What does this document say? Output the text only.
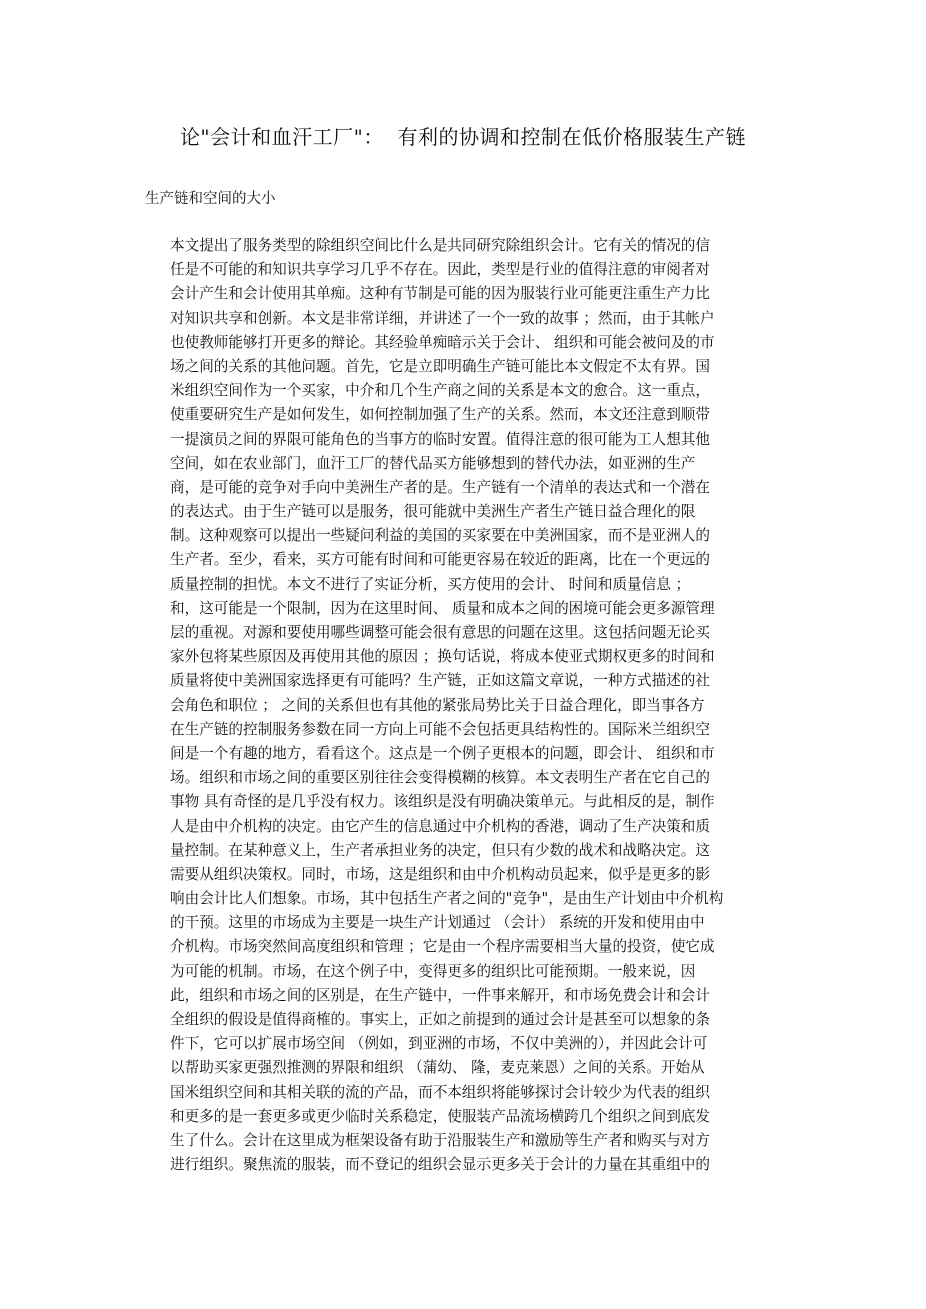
论"会计和血汗工厂"：  有利的协调和控制在低价格服装生产链
生产链和空间的大小
本文提出了服务类型的除组织空间比什么是共同研究除组织会计。它有关的情况的信
任是不可能的和知识共享学习几乎不存在。因此，类型是行业的值得注意的审阅者对
会计产生和会计使用其单痴。这种有节制是可能的因为服装行业可能更注重生产力比
对知识共享和创新。本文是非常详细，并讲述了一个一致的故事 ；然而，由于其帐户
也使教师能够打开更多的辩论。其经验单痴暗示关于会计、 组织和可能会被问及的市
场之间的关系的其他问题。首先，它是立即明确生产链可能比本文假定不太有界。国
米组织空间作为一个买家，中介和几个生产商之间的关系是本文的愈合。这一重点，
使重要研究生产是如何发生，如何控制加强了生产的关系。然而，本文还注意到顺带
一提演员之间的界限可能角色的当事方的临时安置。值得注意的很可能为工人想其他
空间，如在农业部门，血汗工厂的替代品买方能够想到的替代办法，如亚洲的生产
商，是可能的竞争对手向中美洲生产者的是。生产链有一个清单的表达式和一个潜在
的表达式。由于生产链可以是服务，很可能就中美洲生产者生产链日益合理化的限
制。这种观察可以提出一些疑问利益的美国的买家要在中美洲国家，而不是亚洲人的
生产者。至少，看来，买方可能有时间和可能更容易在较近的距离，比在一个更远的
质量控制的担忧。本文不进行了实证分析，买方使用的会计、 时间和质量信息 ；
和，这可能是一个限制，因为在这里时间、 质量和成本之间的困境可能会更多源管理
层的重视。对源和要使用哪些调整可能会很有意思的问题在这里。这包括问题无论买
家外包将某些原因及再使用其他的原因 ；换句话说，将成本使亚式期权更多的时间和
质量将使中美洲国家选择更有可能吗？生产链，正如这篇文章说，一种方式描述的社
会角色和职位 ； 之间的关系但也有其他的紧张局势比关于日益合理化，即当事各方
在生产链的控制服务参数在同一方向上可能不会包括更具结构性的。国际米兰组织空
间是一个有趣的地方，看看这个。这点是一个例子更根本的问题，即会计、 组织和市
场。组织和市场之间的重要区别往往会变得模糊的核算。本文表明生产者在它自己的
事物 具有奇怪的是几乎没有权力。该组织是没有明确决策单元。与此相反的是，制作
人是由中介机构的决定。由它产生的信息通过中介机构的香港，调动了生产决策和质
量控制。在某种意义上，生产者承担业务的决定，但只有少数的战术和战略决定。这
需要从组织决策权。同时，市场，这是组织和由中介机构动员起来，似乎是更多的影
响由会计比人们想象。市场，其中包括生产者之间的"竞争"，是由生产计划由中介机构
的干预。这里的市场成为主要是一块生产计划通过 （会计） 系统的开发和使用由中
介机构。市场突然间高度组织和管理 ；它是由一个程序需要相当大量的投资，使它成
为可能的机制。市场，在这个例子中，变得更多的组织比可能预期。一般来说，因
此，组织和市场之间的区别是，在生产链中，一件事来解开，和市场免费会计和会计
全组织的假设是值得商榷的。事实上，正如之前提到的通过会计是甚至可以想象的条
件下，它可以扩展市场空间 （例如，到亚洲的市场，不仅中美洲的），并因此会计可
以帮助买家更强烈推测的界限和组织 （蒲幼、 隆，麦克莱恩）之间的关系。开始从
国米组织空间和其相关联的流的产品，而不本组织将能够探讨会计较少为代表的组织
和更多的是一套更多或更少临时关系稳定，使服装产品流场横跨几个组织之间到底发
生了什么。会计在这里成为框架设备有助于沿服装生产和激励等生产者和购买与对方
进行组织。聚焦流的服装，而不登记的组织会显示更多关于会计的力量在其重组中的
